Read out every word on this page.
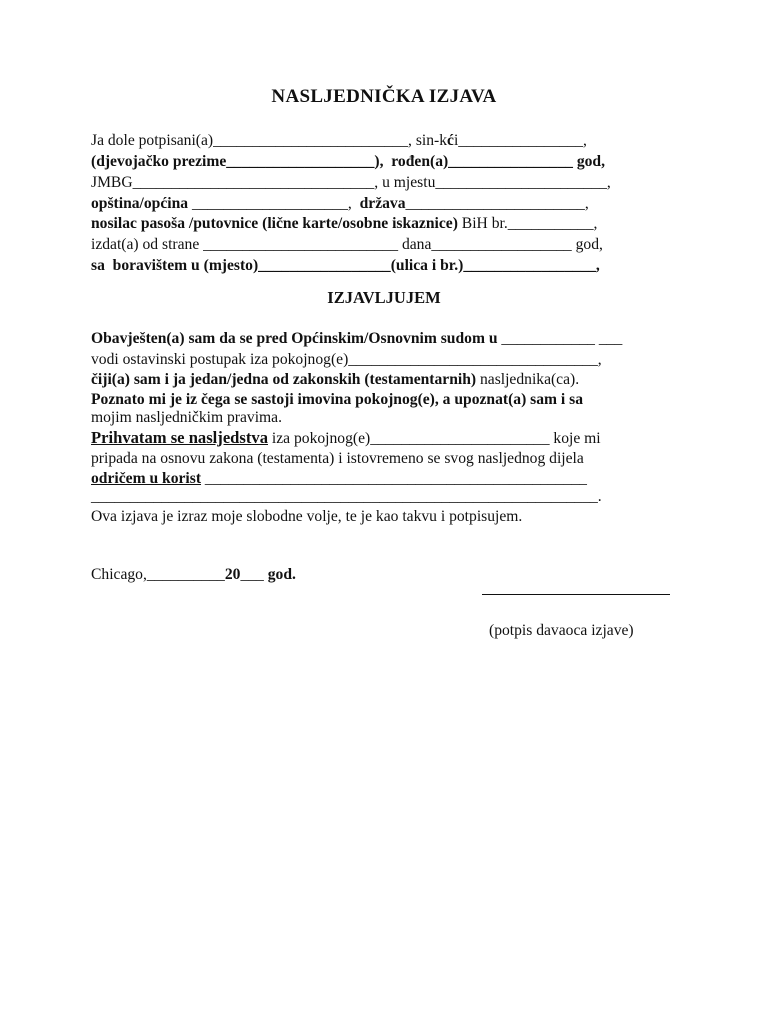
NASLJEDNIČKA IZJAVA
Ja dole potpisani(a)_________________________, sin-kći________________,
(djevojačko prezime___________________),  rođen(a)________________ god,
JMBG_______________________________, u mjestu______________________,
opština/općina ____________________,  država_______________________,
nosilac pasoša /putovnice (lične karte/osobne iskaznice) BiH br.___________,
izdat(a) od strane _________________________ dana__________________ god,
sa  boravištem u (mjesto)_________________(ulica i br.)_________________,
IZJAVLJUJEM
Obavješten(a) sam da se pred Općinskim/Osnovnim sudom u ____________ ___
vodi ostavinski postupak iza pokojnog(e)________________________________,
čiji(a) sam i ja jedan/jedna od zakonskih (testamentarnih) nasljednika(ca).
Poznato mi je iz čega se sastoji imovina pokojnog(e), a upoznat(a) sam i sa
mojim nasljedničkim pravima.
Prihvatam se nasljedstva iza pokojnog(e)_______________________ koje mi
pripada na osnovu zakona (testamenta) i istovremeno se svog nasljednog dijela
odričem u korist _________________________________________________
_________________________________________________________________.
Ova izjava je izraz moje slobodne volje, te je kao takvu i potpisujem.
Chicago,__________20___ god.
(potpis davaoca izjave)
